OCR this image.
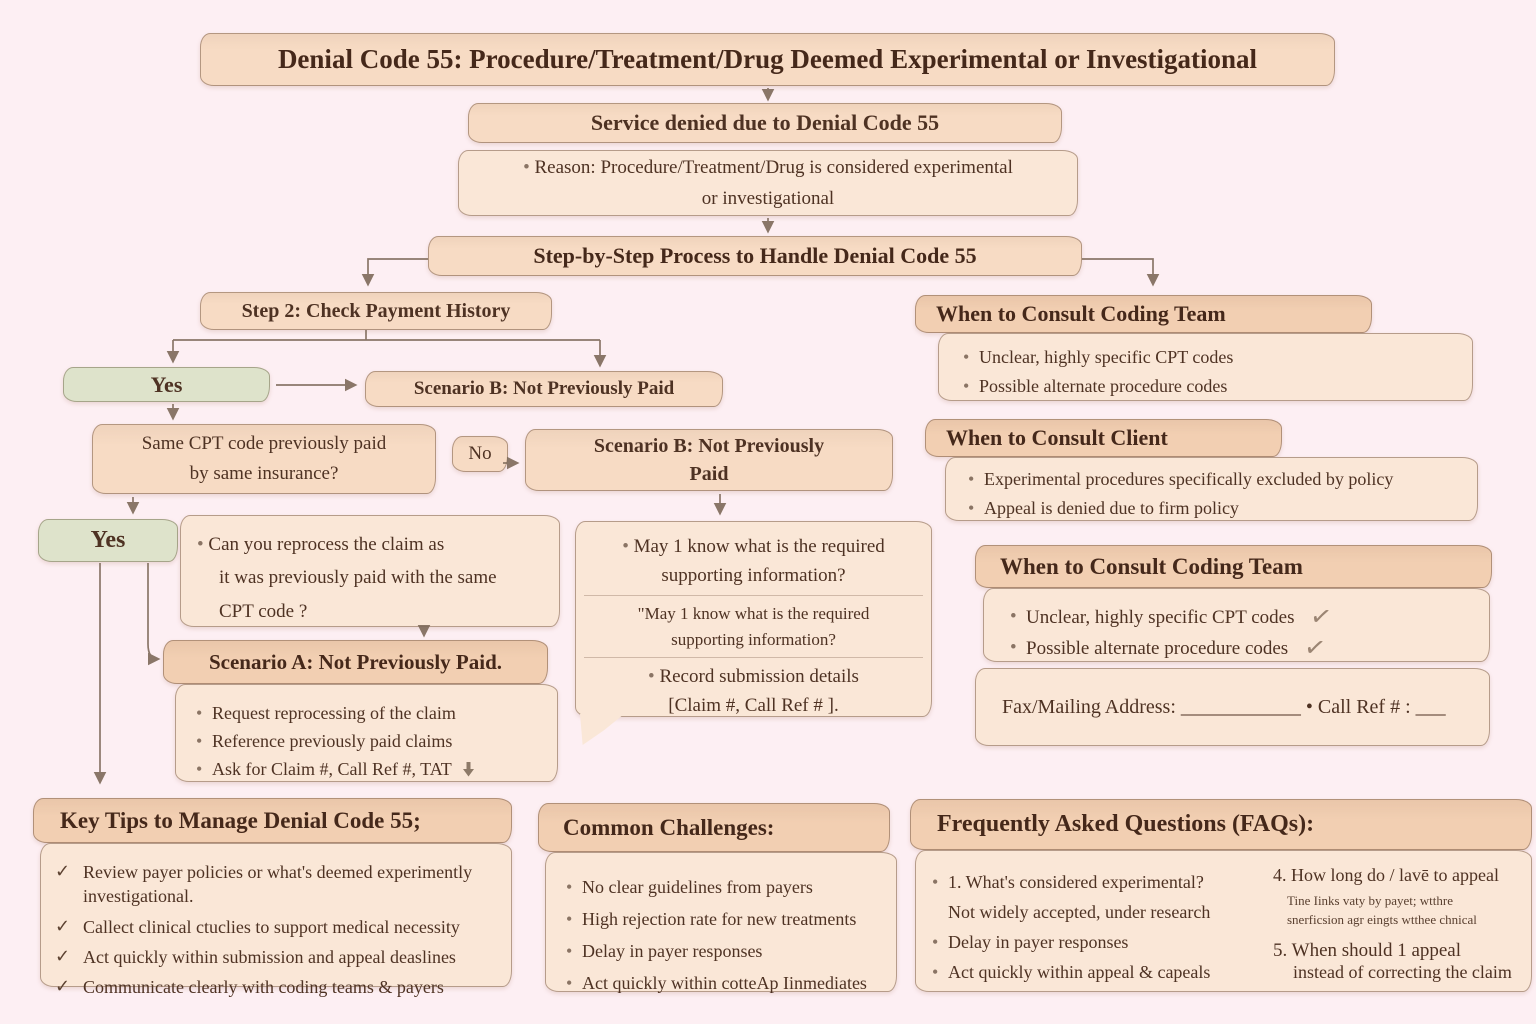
Denial Code 55: Procedure/Treatment/Drug Deemed Experimental or Investigational
Service denied due to Denial Code 55
• Reason: Procedure/Treatment/Drug is considered experimental
or investigational
Step-by-Step Process to Handle Denial Code 55
Step 2: Check Payment History	When to Consult Coding Team
• Unclear, highly specific CPT codes
• Possible alternate procedure codes
When to Consult Client
• Experimental procedures specifically excluded by policy
• Appeal is denied due to firm policy
Yes	Scenario B: Not Previously Paid
Same CPT code previously paid
by same insurance?
No	Scenario B: Not Previously
Paid
Yes	• Can you reprocess the claim as
it was previously paid with the same
CPT code ?
• May 1 know what is the required
supporting information?
"May 1 know what is the required
supporting information?
• Record submission details
[Claim #, Call Ref # ].
Scenario A: Not Previously Paid.
• Request reprocessing of the claim
• Reference previously paid claims
• Ask for Claim #, Call Ref #, TAT
When to Consult Coding Team
• Unclear, highly specific CPT codes ✓
• Possible alternate procedure codes ✓
Fax/Mailing Address: ____________ • Call Ref # : ___
Key Tips to Manage Denial Code 55;
✓ Review payer policies or what's deemed experimently investigational.
✓ Callect clinical ctuclies to support medical necessity
✓ Act quickly within submission and appeal deaslines
✓ Communicate clearly with coding teams & payers
Common Challenges:
• No clear guidelines from payers
• High rejection rate for new treatments
• Delay in payer responses
• Act quickly within cotteAp Iinmediates
Frequently Asked Questions (FAQs):
• 1. What's considered experimental?
Not widely accepted, under research
• Delay in payer responses
• Act quickly within appeal & capeals
4. How long do / lavē to appeal
Tine Iinks vaty by payet; wtthre
snerficsion agr eingts wtthee chnical
5. When should 1 appeal
instead of correcting the claim
